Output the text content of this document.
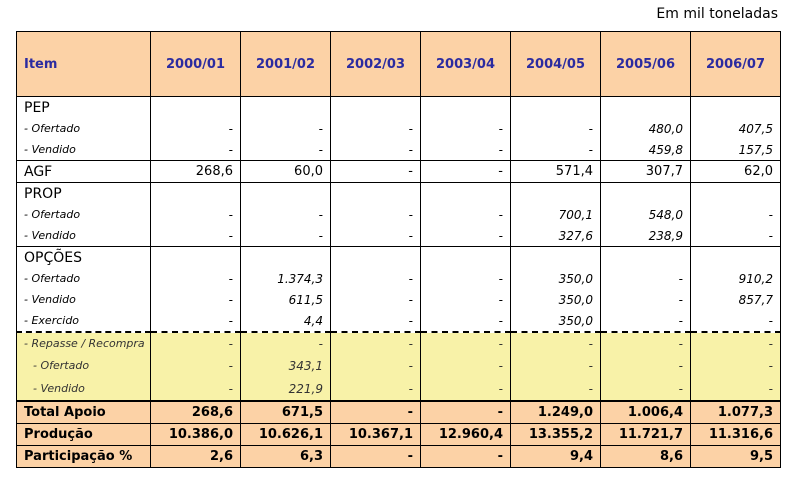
Em mil toneladas
Item	2000/01	2001/02	2002/03	2003/04	2004/05	2005/06	2006/07
PEP							
- Ofertado	-	-	-	-	-	480,0	407,5
- Vendido	-	-	-	-	-	459,8	157,5
AGF	268,6	60,0	-	-	571,4	307,7	62,0
PROP							
- Ofertado	-	-	-	-	700,1	548,0	-
- Vendido	-	-	-	-	327,6	238,9	-
OPÇÕES							
- Ofertado	-	1.374,3	-	-	350,0	-	910,2
- Vendido	-	611,5	-	-	350,0	-	857,7
- Exercido	-	4,4	-	-	350,0	-	-
- Repasse / Recompra	-	-	-	-	-	-	-
- Ofertado	-	343,1	-	-	-	-	-
- Vendido	-	221,9	-	-	-	-	-
Total Apoio	268,6	671,5	-	-	1.249,0	1.006,4	1.077,3
Produção	10.386,0	10.626,1	10.367,1	12.960,4	13.355,2	11.721,7	11.316,6
Participação %	2,6	6,3	-	-	9,4	8,6	9,5
